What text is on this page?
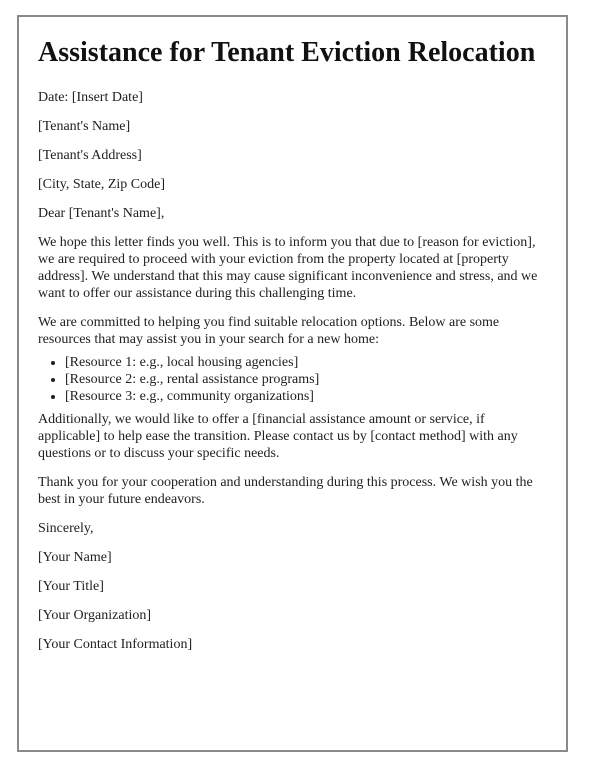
Assistance for Tenant Eviction Relocation

Date: [Insert Date]

[Tenant's Name]

[Tenant's Address]

[City, State, Zip Code]

Dear [Tenant's Name],

We hope this letter finds you well. This is to inform you that due to [reason for eviction], we are required to proceed with your eviction from the property located at [property address]. We understand that this may cause significant inconvenience and stress, and we want to offer our assistance during this challenging time.

We are committed to helping you find suitable relocation options. Below are some resources that may assist you in your search for a new home:

• [Resource 1: e.g., local housing agencies]
• [Resource 2: e.g., rental assistance programs]
• [Resource 3: e.g., community organizations]

Additionally, we would like to offer a [financial assistance amount or service, if applicable] to help ease the transition. Please contact us by [contact method] with any questions or to discuss your specific needs.

Thank you for your cooperation and understanding during this process. We wish you the best in your future endeavors.

Sincerely,

[Your Name]

[Your Title]

[Your Organization]

[Your Contact Information]
